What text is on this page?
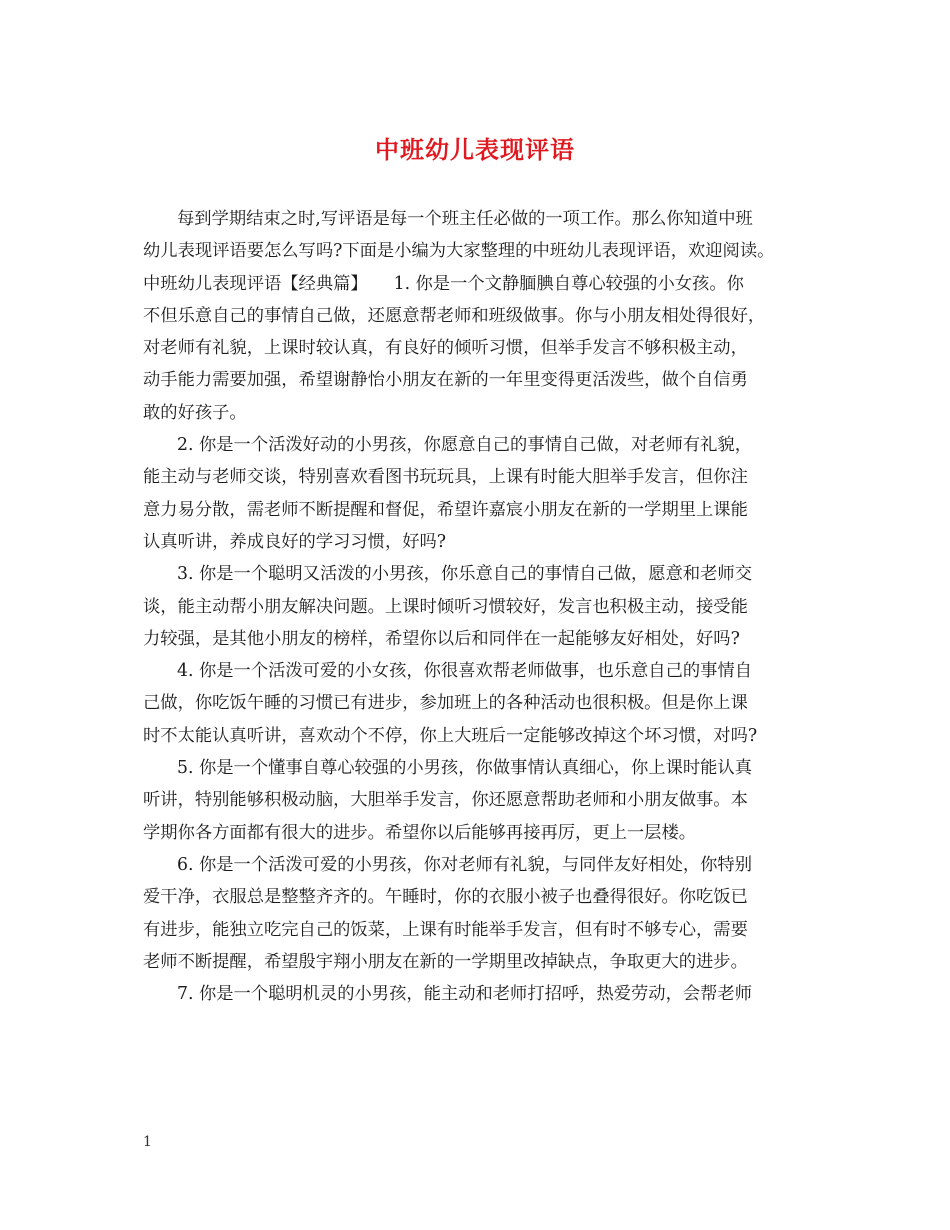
中班幼儿表现评语
每到学期结束之时,写评语是每一个班主任必做的一项工作。那么你知道中班
幼儿表现评语要怎么写吗?下面是小编为大家整理的中班幼儿表现评语，欢迎阅读。
中班幼儿表现评语【经典篇】　　1. 你是一个文静腼腆自尊心较强的小女孩。你
不但乐意自己的事情自己做，还愿意帮老师和班级做事。你与小朋友相处得很好，
对老师有礼貌，上课时较认真，有良好的倾听习惯，但举手发言不够积极主动，
动手能力需要加强，希望谢静怡小朋友在新的一年里变得更活泼些，做个自信勇
敢的好孩子。
2. 你是一个活泼好动的小男孩，你愿意自己的事情自己做，对老师有礼貌，
能主动与老师交谈，特别喜欢看图书玩玩具，上课有时能大胆举手发言，但你注
意力易分散，需老师不断提醒和督促，希望许嘉宸小朋友在新的一学期里上课能
认真听讲，养成良好的学习习惯，好吗?
3. 你是一个聪明又活泼的小男孩，你乐意自己的事情自己做，愿意和老师交
谈，能主动帮小朋友解决问题。上课时倾听习惯较好，发言也积极主动，接受能
力较强，是其他小朋友的榜样，希望你以后和同伴在一起能够友好相处，好吗?
4. 你是一个活泼可爱的小女孩，你很喜欢帮老师做事，也乐意自己的事情自
己做，你吃饭午睡的习惯已有进步，参加班上的各种活动也很积极。但是你上课
时不太能认真听讲，喜欢动个不停，你上大班后一定能够改掉这个坏习惯，对吗?
5. 你是一个懂事自尊心较强的小男孩，你做事情认真细心，你上课时能认真
听讲，特别能够积极动脑，大胆举手发言，你还愿意帮助老师和小朋友做事。本
学期你各方面都有很大的进步。希望你以后能够再接再厉，更上一层楼。
6. 你是一个活泼可爱的小男孩，你对老师有礼貌，与同伴友好相处，你特别
爱干净，衣服总是整整齐齐的。午睡时，你的衣服小被子也叠得很好。你吃饭已
有进步，能独立吃完自己的饭菜，上课有时能举手发言，但有时不够专心，需要
老师不断提醒，希望殷宇翔小朋友在新的一学期里改掉缺点，争取更大的进步。
7. 你是一个聪明机灵的小男孩，能主动和老师打招呼，热爱劳动，会帮老师
1
